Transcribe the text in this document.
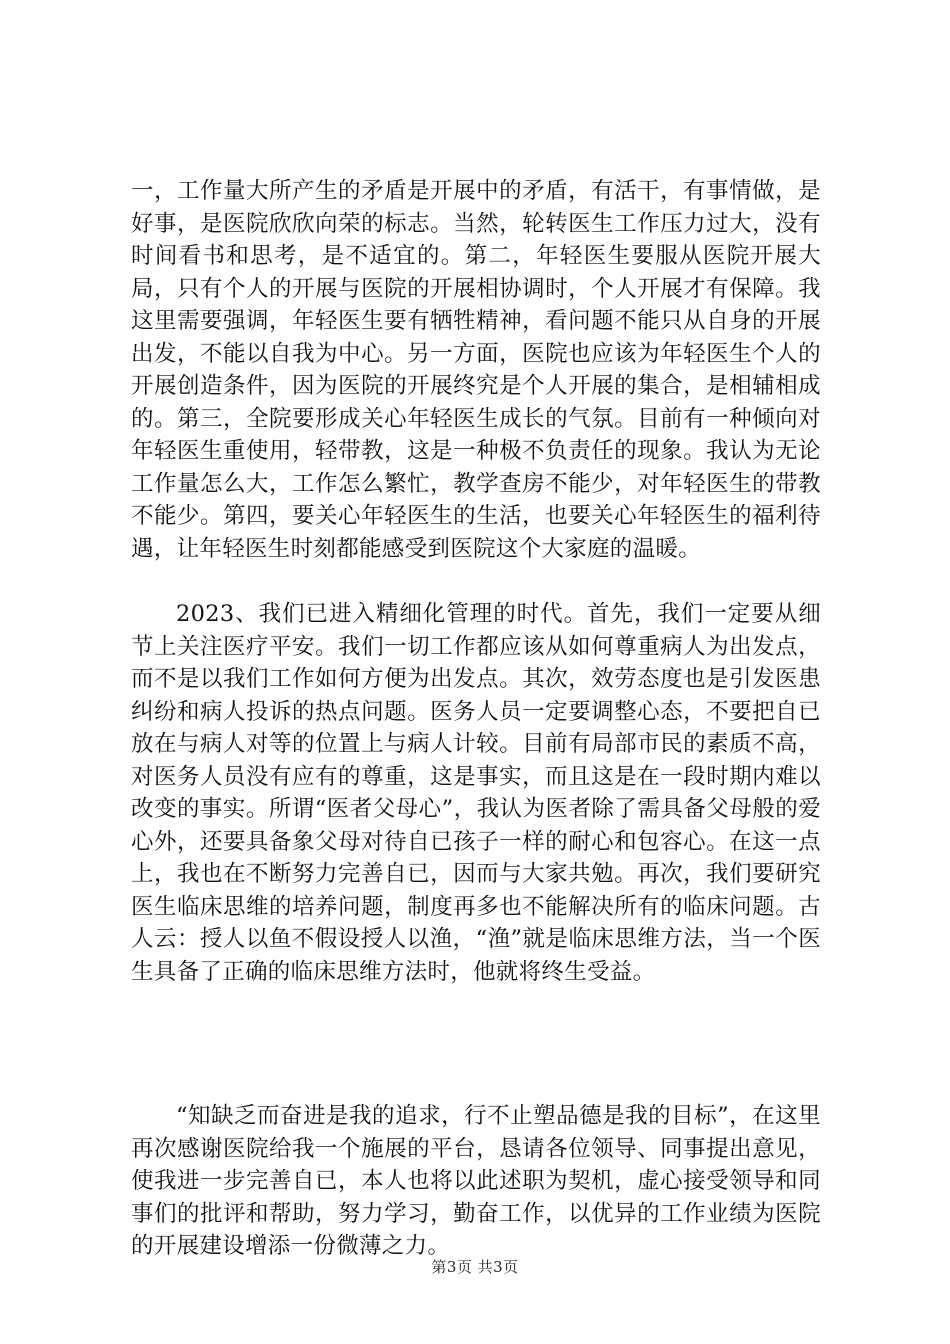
一，工作量大所产生的矛盾是开展中的矛盾，有活干，有事情做，是好事，是医院欣欣向荣的标志。当然，轮转医生工作压力过大，没有时间看书和思考，是不适宜的。第二，年轻医生要服从医院开展大局，只有个人的开展与医院的开展相协调时，个人开展才有保障。我这里需要强调，年轻医生要有牺牲精神，看问题不能只从自身的开展出发，不能以自我为中心。另一方面，医院也应该为年轻医生个人的开展创造条件，因为医院的开展终究是个人开展的集合，是相辅相成的。第三，全院要形成关心年轻医生成长的气氛。目前有一种倾向对年轻医生重使用，轻带教，这是一种极不负责任的现象。我认为无论工作量怎么大，工作怎么繁忙，教学查房不能少，对年轻医生的带教不能少。第四，要关心年轻医生的生活，也要关心年轻医生的福利待遇，让年轻医生时刻都能感受到医院这个大家庭的温暖。

2023、我们已进入精细化管理的时代。首先，我们一定要从细节上关注医疗平安。我们一切工作都应该从如何尊重病人为出发点，而不是以我们工作如何方便为出发点。其次，效劳态度也是引发医患纠纷和病人投诉的热点问题。医务人员一定要调整心态，不要把自已放在与病人对等的位置上与病人计较。目前有局部市民的素质不高，对医务人员没有应有的尊重，这是事实，而且这是在一段时期内难以改变的事实。所谓“医者父母心”，我认为医者除了需具备父母般的爱心外，还要具备象父母对待自已孩子一样的耐心和包容心。在这一点上，我也在不断努力完善自已，因而与大家共勉。再次，我们要研究医生临床思维的培养问题，制度再多也不能解决所有的临床问题。古人云：授人以鱼不假设授人以渔，“渔”就是临床思维方法，当一个医生具备了正确的临床思维方法时，他就将终生受益。

“知缺乏而奋进是我的追求，行不止塑品德是我的目标”，在这里再次感谢医院给我一个施展的平台，恳请各位领导、同事提出意见，使我进一步完善自已，本人也将以此述职为契机，虚心接受领导和同事们的批评和帮助，努力学习，勤奋工作，以优异的工作业绩为医院的开展建设增添一份微薄之力。

第3页 共3页
